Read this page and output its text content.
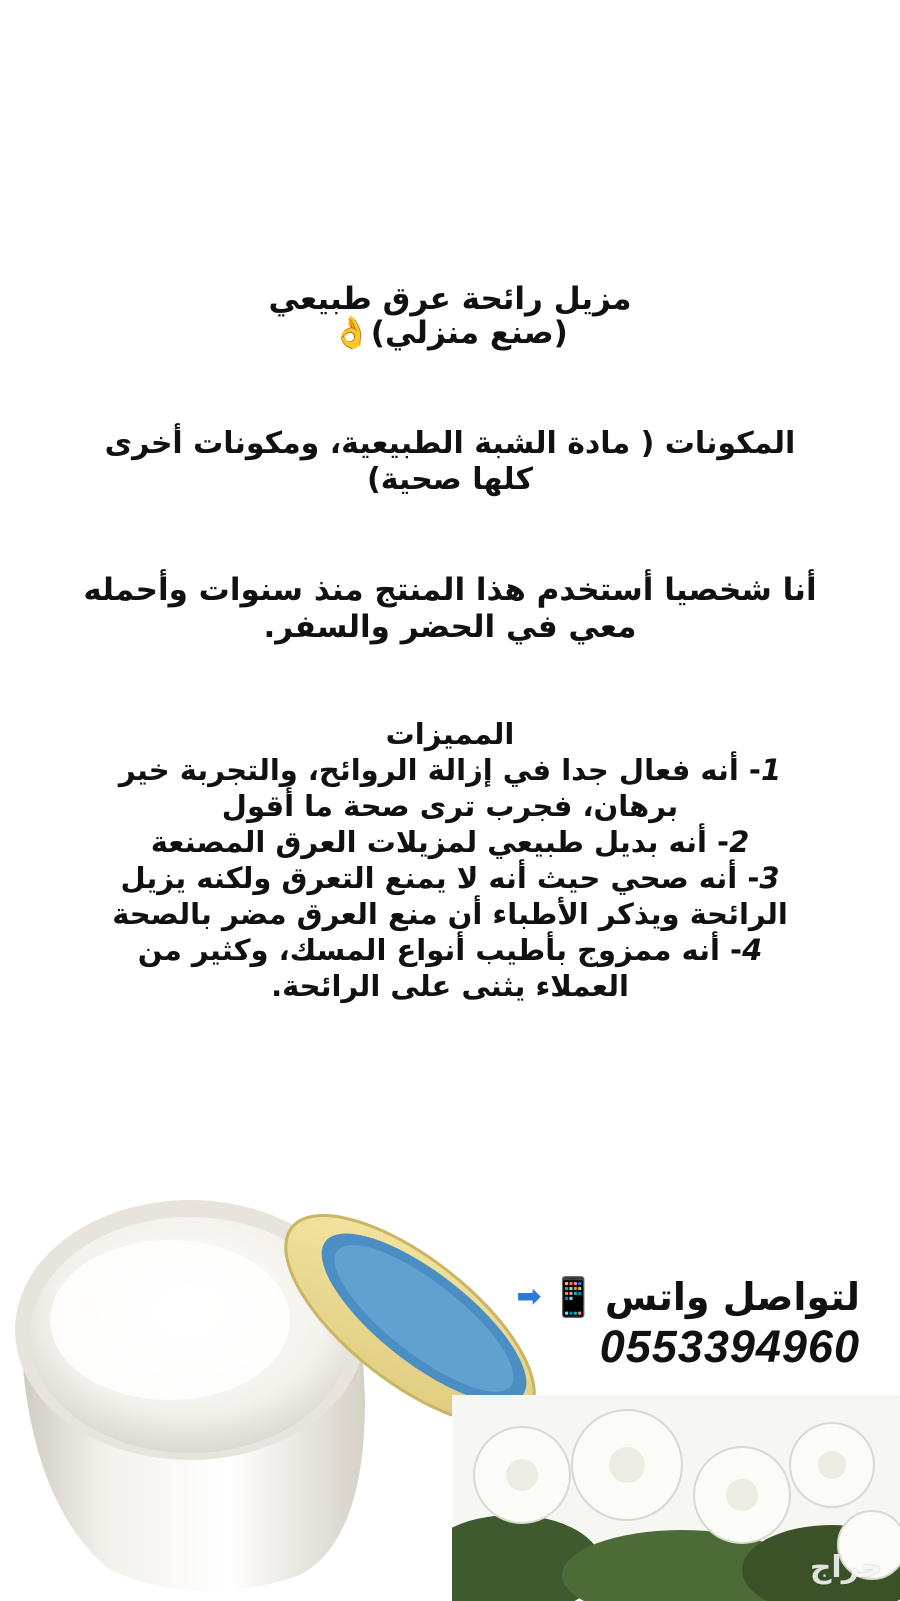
مزيل رائحة عرق طبيعي
(صنع منزلي)👌
المكونات ( مادة الشبة الطبيعية، ومكونات أخرى
كلها صحية)
أنا شخصيا أستخدم هذا المنتج منذ سنوات وأحمله
معي في الحضر والسفر.
المميزات
1- أنه فعال جدا في إزالة الروائح، والتجربة خير
برهان، فجرب ترى صحة ما أقول
2- أنه بديل طبيعي لمزيلات العرق المصنعة
3- أنه صحي حيث أنه لا يمنع التعرق ولكنه يزيل
الرائحة ويذكر الأطباء أن منع العرق مضر بالصحة
4- أنه ممزوج بأطيب أنواع المسك، وكثير من
العملاء يثنى على الرائحة.
حراج
لتواصل واتس
📱
➡
0553394960
